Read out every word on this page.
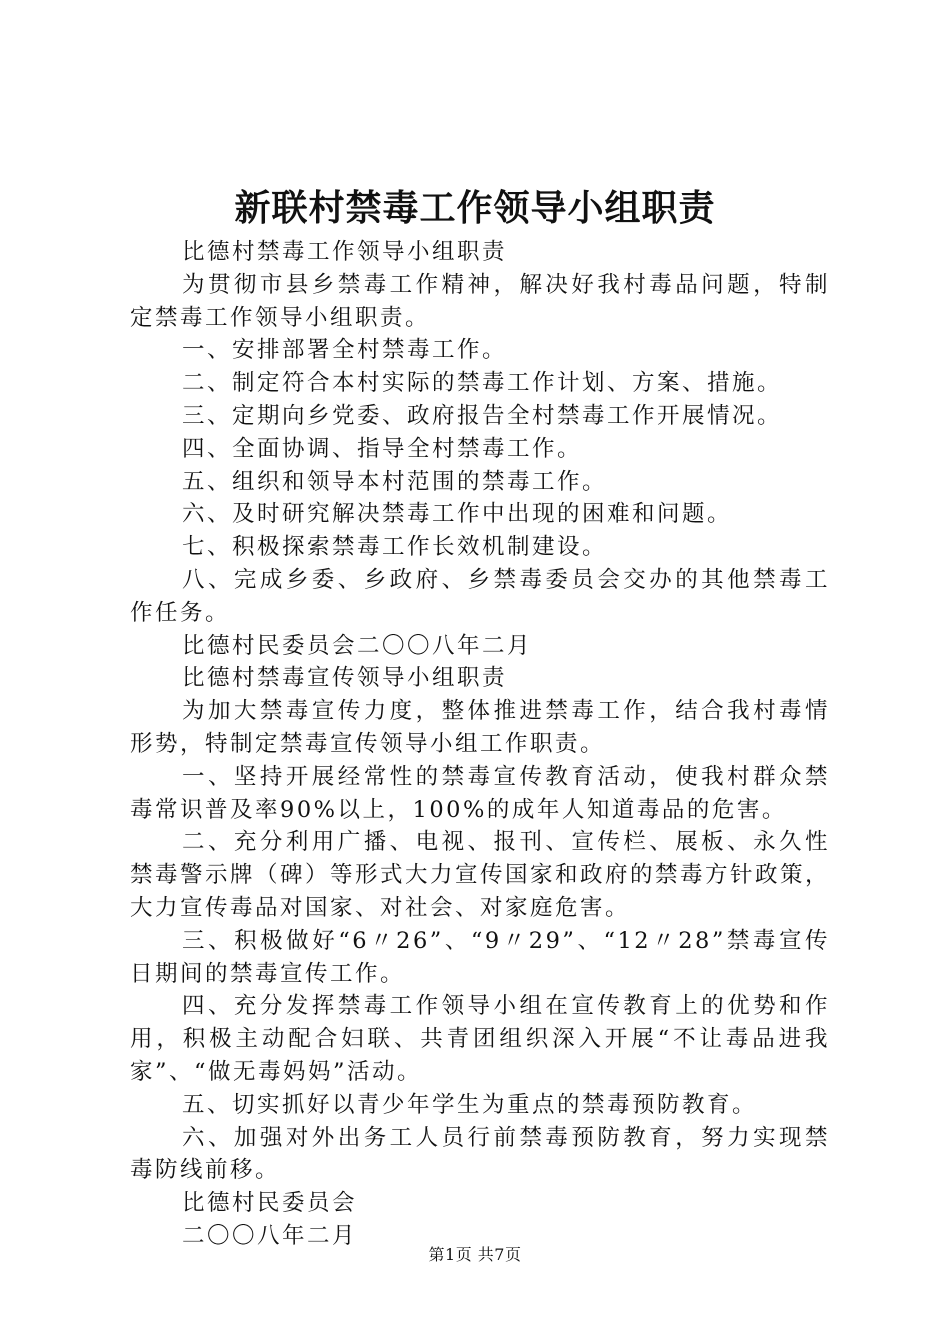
新联村禁毒工作领导小组职责

比德村禁毒工作领导小组职责

为贯彻市县乡禁毒工作精神，解决好我村毒品问题，特制定禁毒工作领导小组职责。

一、安排部署全村禁毒工作。

二、制定符合本村实际的禁毒工作计划、方案、措施。

三、定期向乡党委、政府报告全村禁毒工作开展情况。

四、全面协调、指导全村禁毒工作。

五、组织和领导本村范围的禁毒工作。

六、及时研究解决禁毒工作中出现的困难和问题。

七、积极探索禁毒工作长效机制建设。

八、完成乡委、乡政府、乡禁毒委员会交办的其他禁毒工作任务。

比德村民委员会二〇〇八年二月

比德村禁毒宣传领导小组职责

为加大禁毒宣传力度，整体推进禁毒工作，结合我村毒情形势，特制定禁毒宣传领导小组工作职责。

一、坚持开展经常性的禁毒宣传教育活动，使我村群众禁毒常识普及率90%以上，100%的成年人知道毒品的危害。

二、充分利用广播、电视、报刊、宣传栏、展板、永久性禁毒警示牌（碑）等形式大力宣传国家和政府的禁毒方针政策，大力宣传毒品对国家、对社会、对家庭危害。

三、积极做好“6〃26”、“9〃29”、“12〃28”禁毒宣传日期间的禁毒宣传工作。

四、充分发挥禁毒工作领导小组在宣传教育上的优势和作用，积极主动配合妇联、共青团组织深入开展“不让毒品进我家”、“做无毒妈妈”活动。

五、切实抓好以青少年学生为重点的禁毒预防教育。

六、加强对外出务工人员行前禁毒预防教育，努力实现禁毒防线前移。

比德村民委员会

二〇〇八年二月

第1页 共7页
